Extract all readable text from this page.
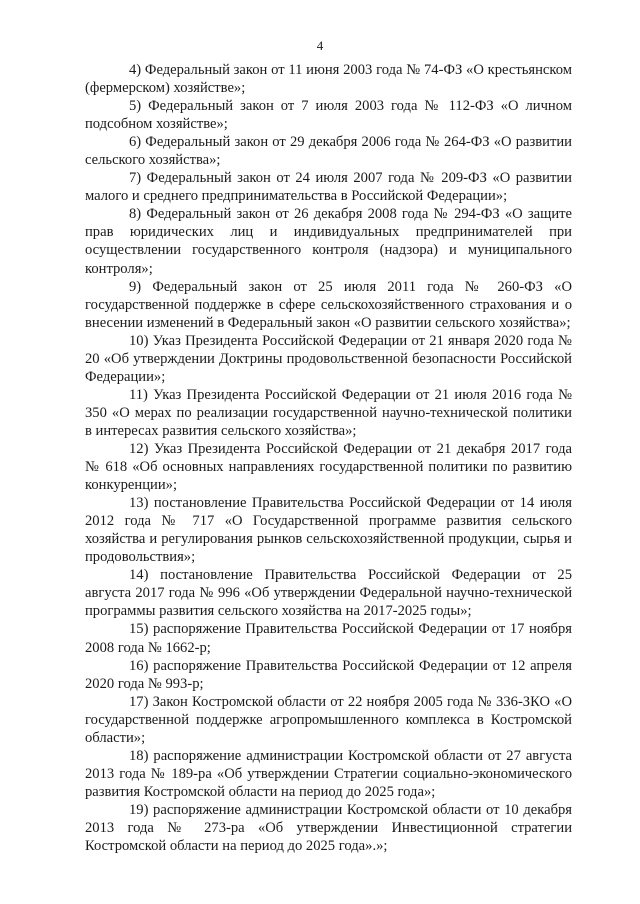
4

4) Федеральный закон от 11 июня 2003 года № 74-ФЗ «О крестьянском (фермерском) хозяйстве»;

5) Федеральный закон от 7 июля 2003 года № 112-ФЗ «О личном подсобном хозяйстве»;

6) Федеральный закон от 29 декабря 2006 года № 264-ФЗ «О развитии сельского хозяйства»;

7) Федеральный закон от 24 июля 2007 года № 209-ФЗ «О развитии малого и среднего предпринимательства в Российской Федерации»;

8) Федеральный закон от 26 декабря 2008 года № 294-ФЗ «О защите прав юридических лиц и индивидуальных предпринимателей при осуществлении государственного контроля (надзора) и муниципального контроля»;

9) Федеральный закон от 25 июля 2011 года № 260-ФЗ «О государственной поддержке в сфере сельскохозяйственного страхования и о внесении изменений в Федеральный закон «О развитии сельского хозяйства»;

10) Указ Президента Российской Федерации от 21 января 2020 года № 20 «Об утверждении Доктрины продовольственной безопасности Российской Федерации»;

11) Указ Президента Российской Федерации от 21 июля 2016 года № 350 «О мерах по реализации государственной научно-технической политики в интересах развития сельского хозяйства»;

12) Указ Президента Российской Федерации от 21 декабря 2017 года № 618 «Об основных направлениях государственной политики по развитию конкуренции»;

13) постановление Правительства Российской Федерации от 14 июля 2012 года № 717 «О Государственной программе развития сельского хозяйства и регулирования рынков сельскохозяйственной продукции, сырья и продовольствия»;

14) постановление Правительства Российской Федерации от 25 августа 2017 года № 996 «Об утверждении Федеральной научно-технической программы развития сельского хозяйства на 2017-2025 годы»;

15) распоряжение Правительства Российской Федерации от 17 ноября 2008 года № 1662-р;

16) распоряжение Правительства Российской Федерации от 12 апреля 2020 года № 993-р;

17) Закон Костромской области от 22 ноября 2005 года № 336-ЗКО «О государственной поддержке агропромышленного комплекса в Костромской области»;

18) распоряжение администрации Костромской области от 27 августа 2013 года № 189-ра «Об утверждении Стратегии социально-экономического развития Костромской области на период до 2025 года»;

19) распоряжение администрации Костромской области от 10 декабря 2013 года № 273-ра «Об утверждении Инвестиционной стратегии Костромской области на период до 2025 года».»;
